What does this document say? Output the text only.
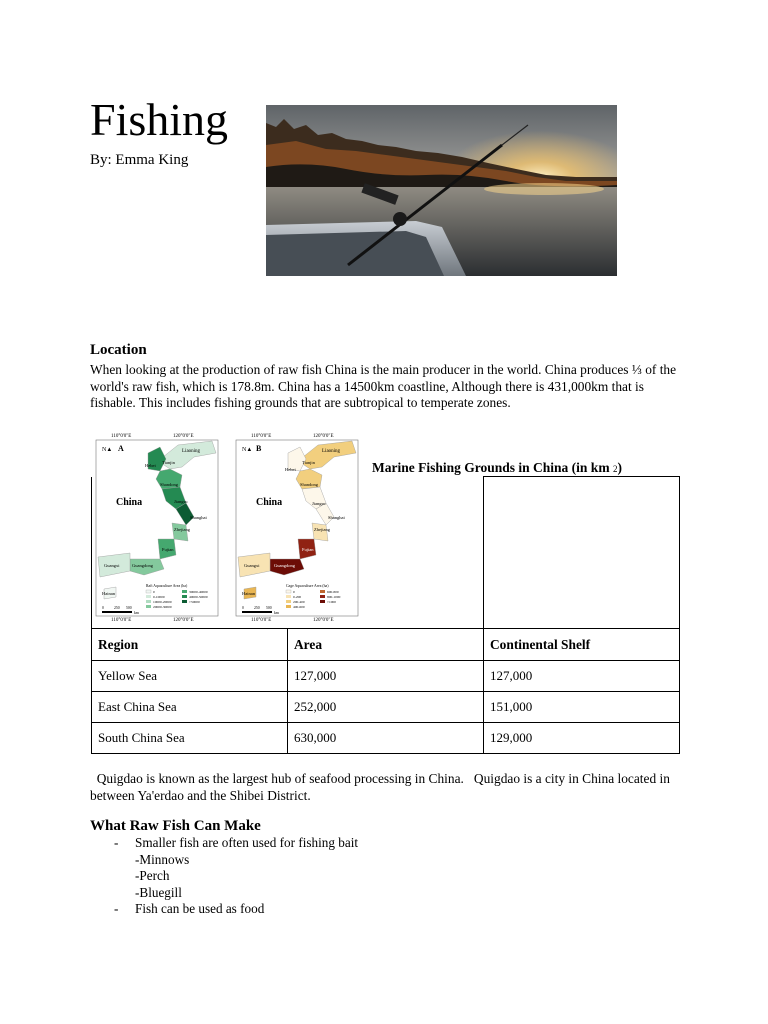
Fishing
By: Emma King
Location

When looking at the production of raw fish China is the main producer in the world. China produces ⅓ of the world's raw fish, which is 178.8m. China has a 14500km coastline, Although there is 431,000km that is fishable. This includes fishing grounds that are subtropical to temperate zones.

110°0'0"E	120°0'0"E
110°0'0"E	120°0'0"E
N▲ A	Liaoning
Tianjin
Hebei
Shandong
Jiangsu
Shanghai
Zhejiang
Fujian
Guangxi	Guangdong
Hainan
China
Raft Aquaculture Area (ha)
0
0-10000
10000-20000
20000-30000
30000-40000
40000-50000
>50000
0	250 500
km
110°0'0"E	120°0'0"E
110°0'0"E	120°0'0"E
N▲ B	Liaoning
Tianjin
Hebei
Shandong
Jiangsu
Shanghai
Zhejiang
Fujian
Guangxi	Guangdong
Hainan
China
Cage Aquaculture Area (ha)
0
0-200
200-400
400-600
600-800
800-1000
>1000
0	250 500
km
Marine Fishing Grounds in China (in km 2)

Region	Area	Continental Shelf
Yellow Sea	127,000	127,000
East China Sea	252,000	151,000
South China Sea	630,000	129,000

Quigdao is known as the largest hub of seafood processing in China.   Quigdao is a city in China located in between Ya'erdao and the Shibei District.

What Raw Fish Can Make
- Smaller fish are often used for fishing bait
-Minnows
-Perch
-Bluegill
- Fish can be used as food
